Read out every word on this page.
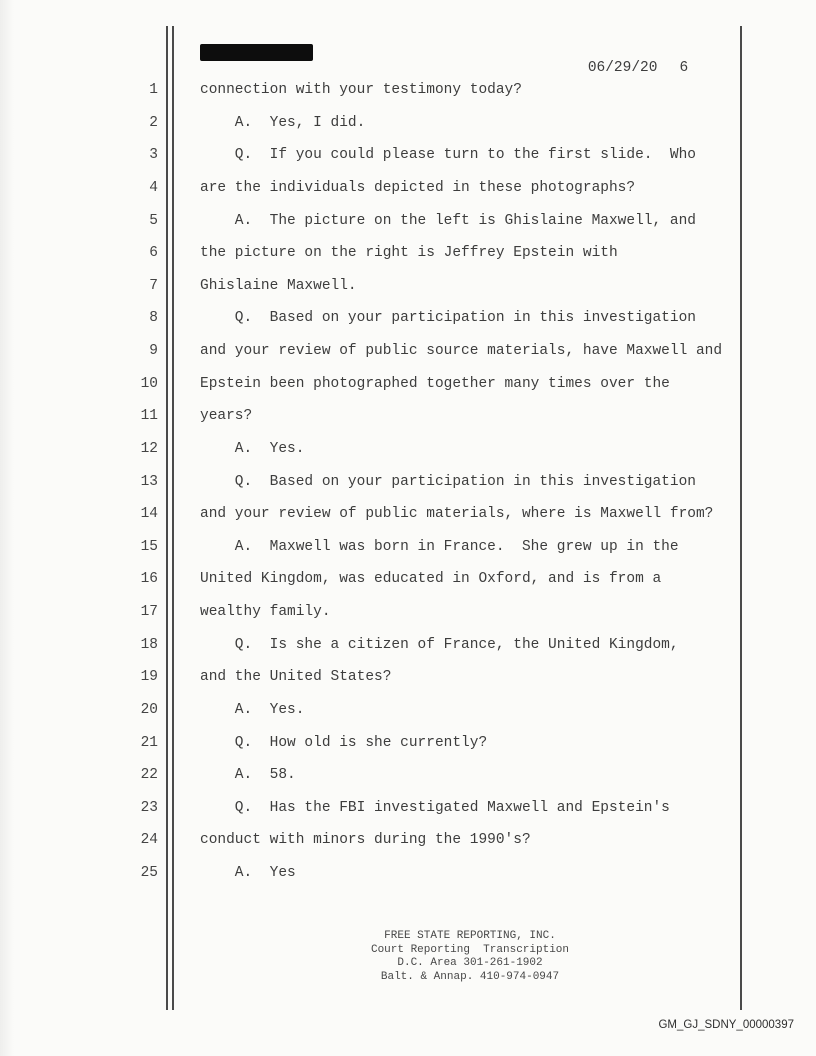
06/29/20 6

1	connection with your testimony today?
2	A.  Yes, I did.
3	Q.  If you could please turn to the first slide.  Who
4	are the individuals depicted in these photographs?
5	A.  The picture on the left is Ghislaine Maxwell, and
6	the picture on the right is Jeffrey Epstein with
7	Ghislaine Maxwell.
8	Q.  Based on your participation in this investigation
9	and your review of public source materials, have Maxwell and
10	Epstein been photographed together many times over the
11	years?
12	A.  Yes.
13	Q.  Based on your participation in this investigation
14	and your review of public materials, where is Maxwell from?
15	A.  Maxwell was born in France.  She grew up in the
16	United Kingdom, was educated in Oxford, and is from a
17	wealthy family.
18	Q.  Is she a citizen of France, the United Kingdom,
19	and the United States?
20	A.  Yes.
21	Q.  How old is she currently?
22	A.  58.
23	Q.  Has the FBI investigated Maxwell and Epstein's
24	conduct with minors during the 1990's?
25	A.  Yes
FREE STATE REPORTING, INC.
Court Reporting  Transcription
D.C. Area 301-261-1902
Balt. & Annap. 410-974-0947
GM_GJ_SDNY_00000397
